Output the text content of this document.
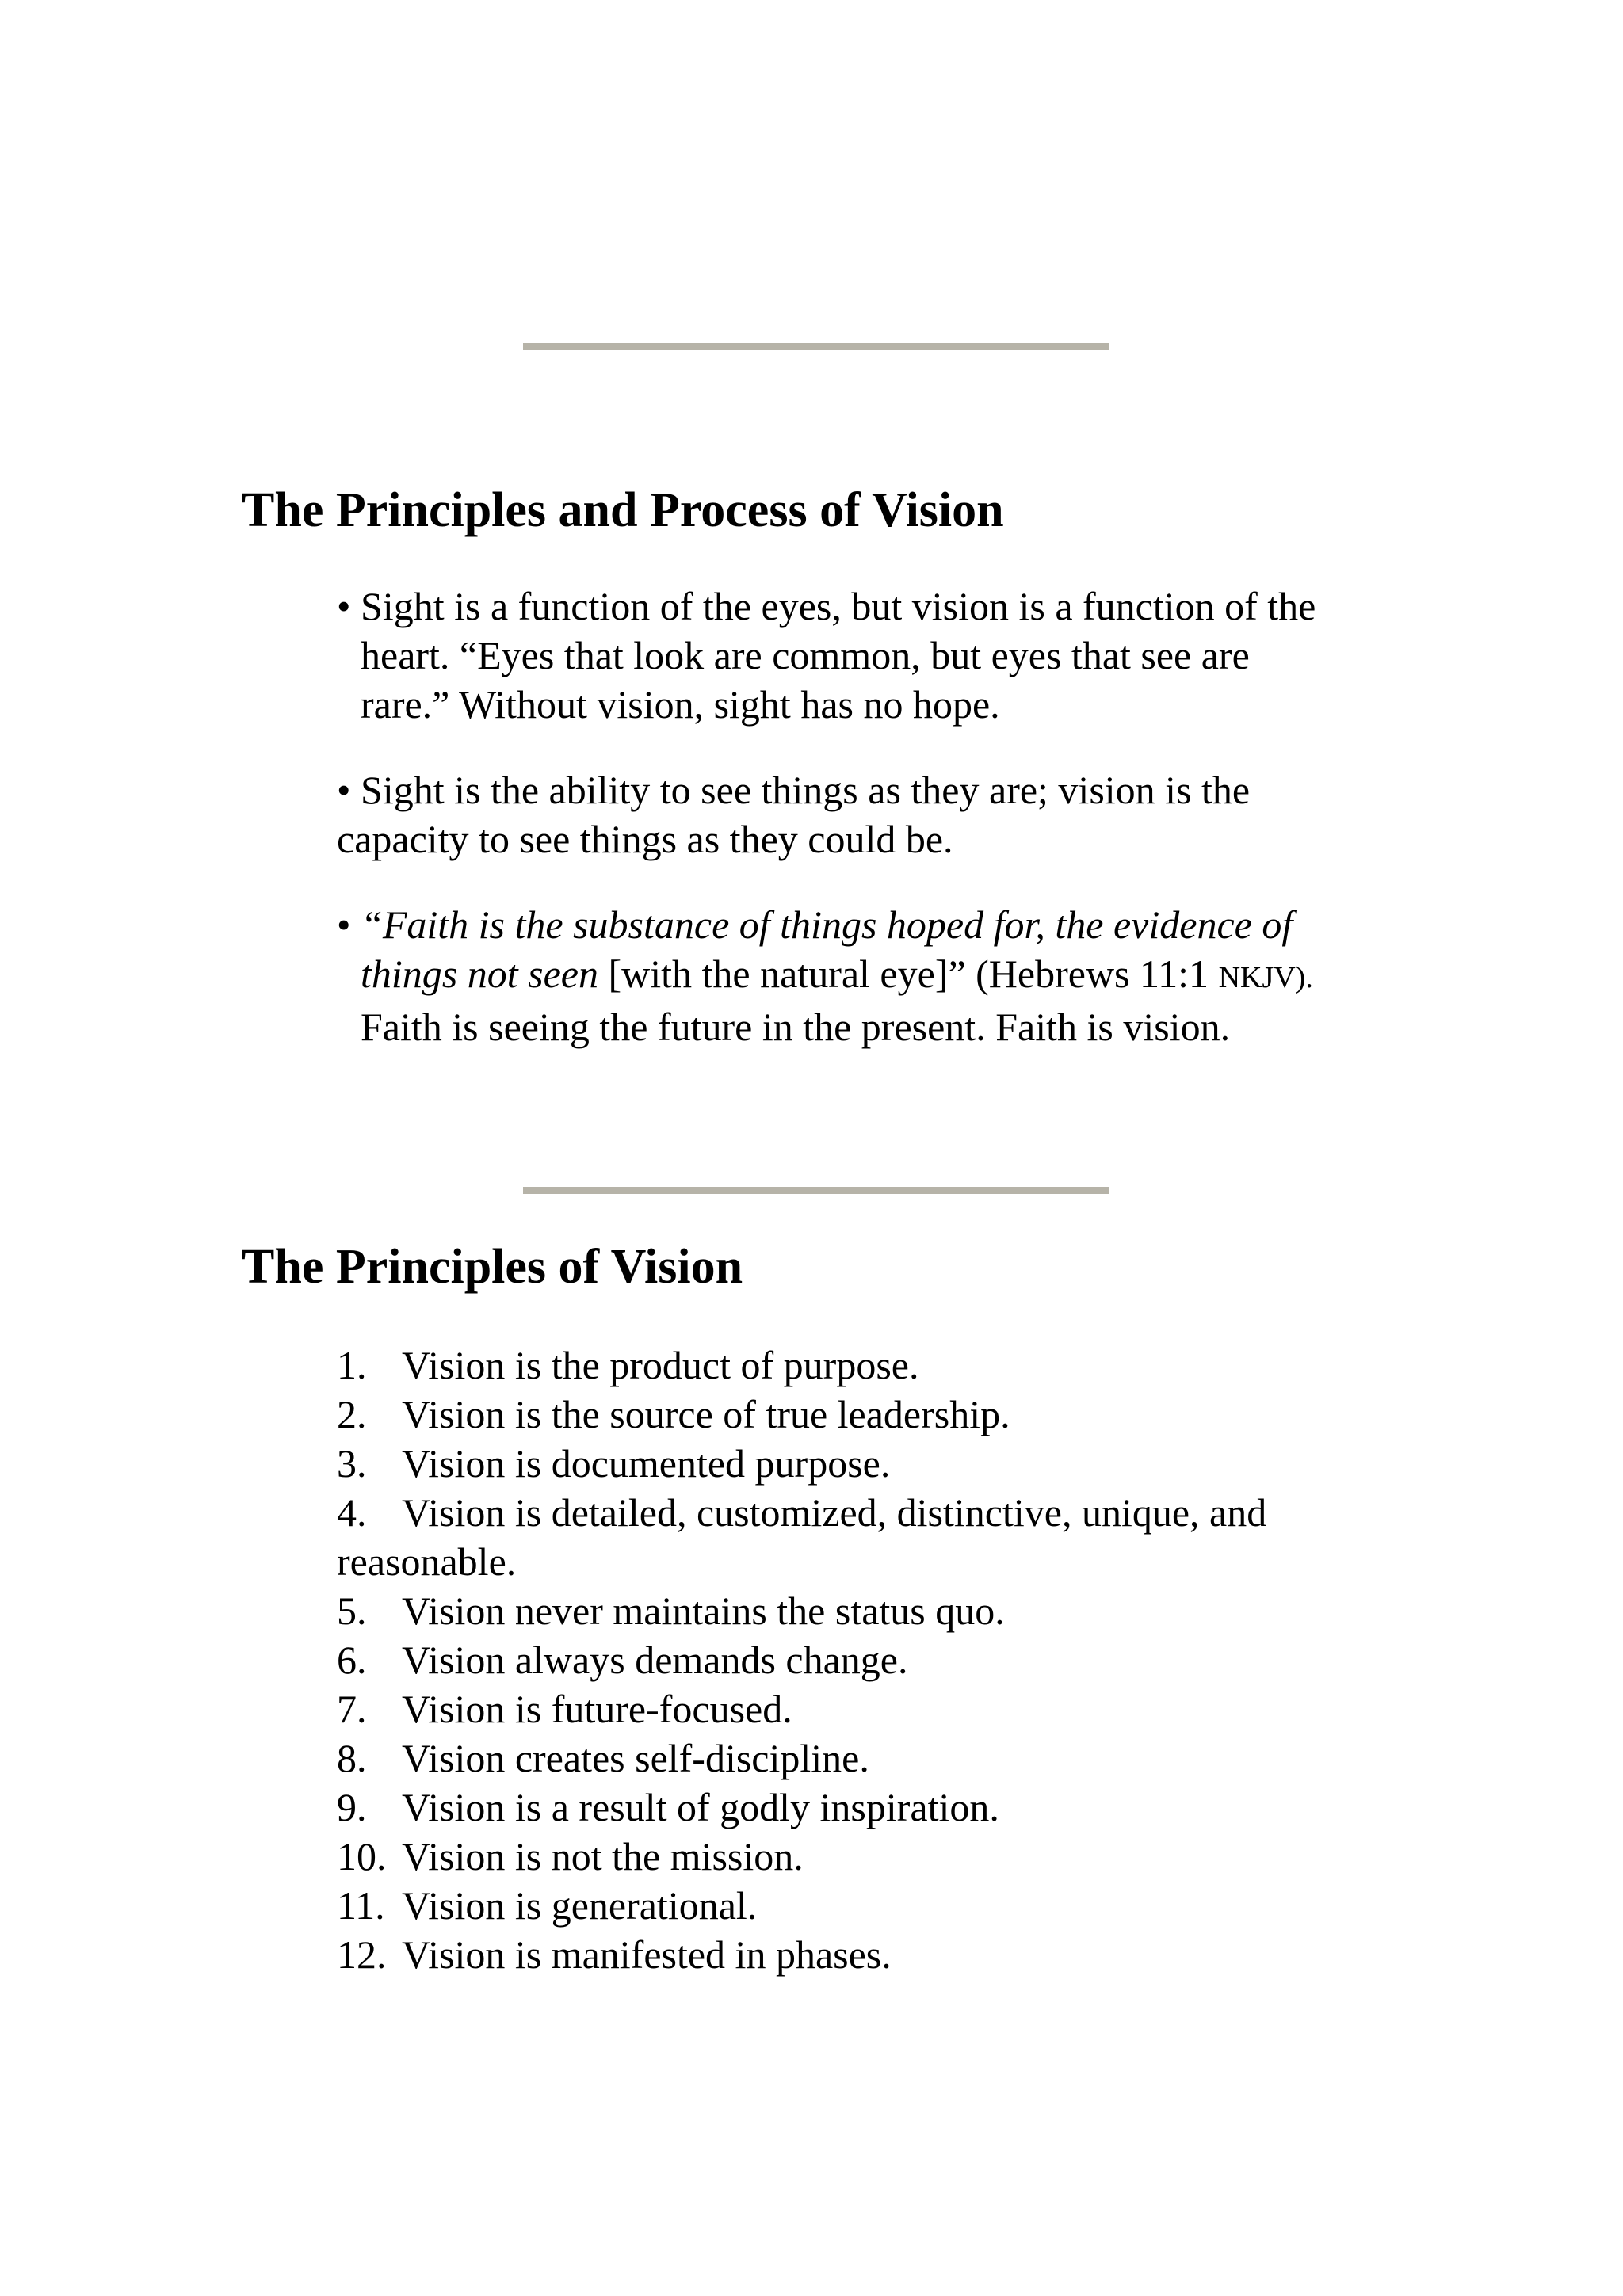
The Principles and Process of Vision

• Sight is a function of the eyes, but vision is a function of the
heart. “Eyes that look are common, but eyes that see are
rare.” Without vision, sight has no hope.

• Sight is the ability to see things as they are; vision is the
capacity to see things as they could be.

• “Faith is the substance of things hoped for, the evidence of
things not seen [with the natural eye]” (Hebrews 11:1 NKJV).
Faith is seeing the future in the present. Faith is vision.

The Principles of Vision
1. Vision is the product of purpose.
2. Vision is the source of true leadership.
3. Vision is documented purpose.
4. Vision is detailed, customized, distinctive, unique, and
reasonable.
5. Vision never maintains the status quo.
6. Vision always demands change.
7. Vision is future-focused.
8. Vision creates self-discipline.
9. Vision is a result of godly inspiration.
10. Vision is not the mission.
11. Vision is generational.
12. Vision is manifested in phases.
